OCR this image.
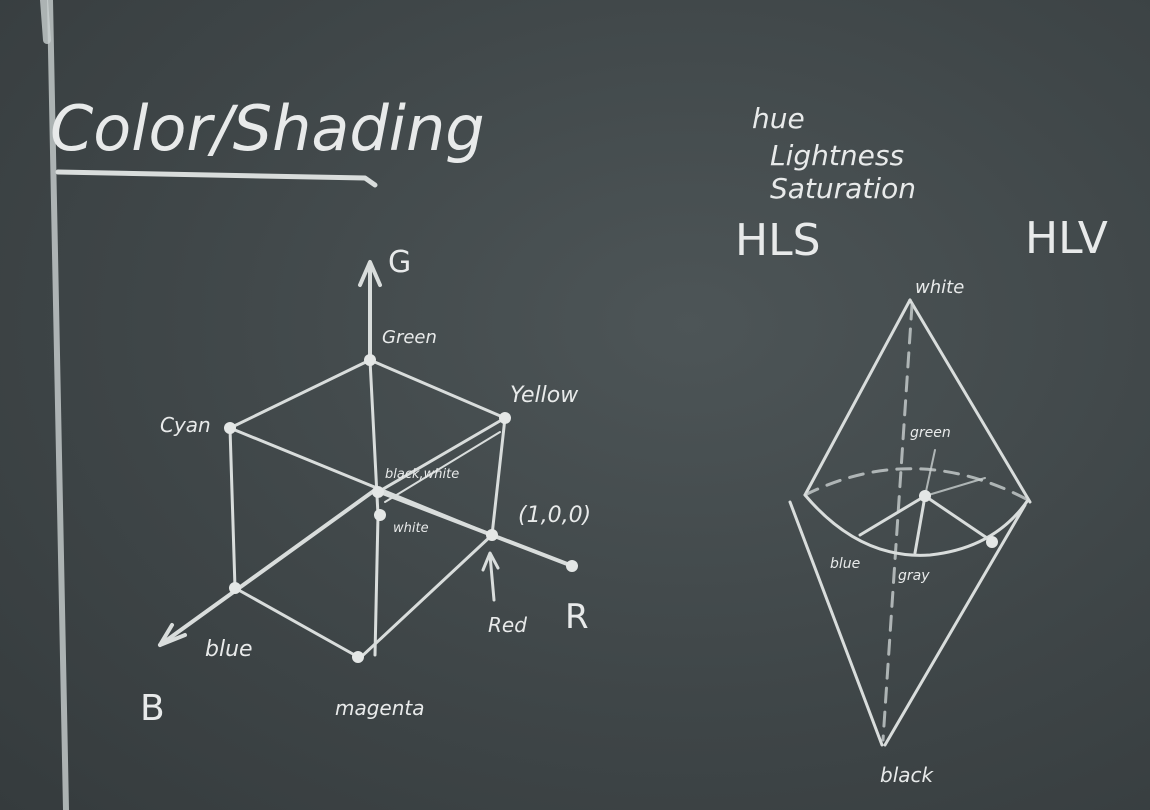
Color/Shading	hue
Lightness
Saturation
HLS	HLV
G
Green
Yellow
Cyan
black,white
white
(1,0,0)
Red R
blue
B	magenta
white
green
blue
gray
black
